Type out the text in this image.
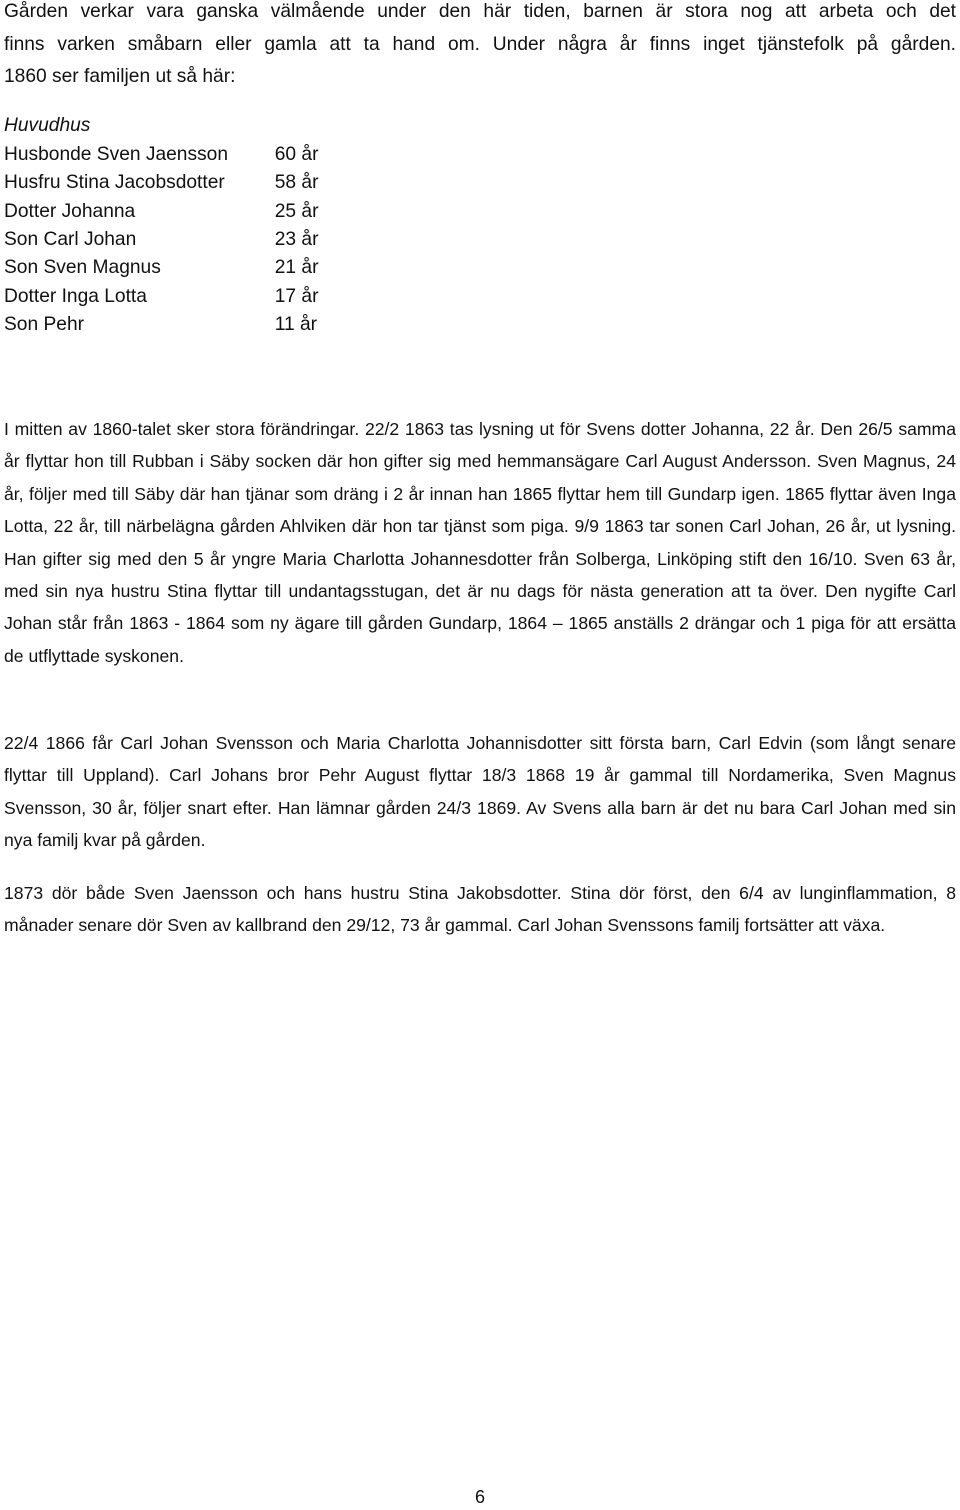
Gården verkar vara ganska välmående under den här tiden, barnen är stora nog att arbeta och det
finns varken småbarn eller gamla att ta hand om. Under några år finns inget tjänstefolk på gården.
1860 ser familjen ut så här:

Huvudhus

Husbonde Sven Jaensson	60 år
Husfru Stina Jacobsdotter	58 år
Dotter Johanna	25 år
Son Carl Johan	23 år
Son Sven Magnus	21 år
Dotter Inga Lotta	17 år
Son Pehr	11 år

I mitten av 1860-talet sker stora förändringar. 22/2 1863 tas lysning ut för Svens dotter Johanna, 22 år. Den 26/5 samma år flyttar hon till Rubban i Säby socken där hon gifter sig med hemmansägare Carl August Andersson. Sven Magnus, 24 år, följer med till Säby där han tjänar som dräng i 2 år innan han 1865 flyttar hem till Gundarp igen. 1865 flyttar även Inga Lotta, 22 år, till närbelägna gården Ahlviken där hon tar tjänst som piga. 9/9 1863 tar sonen Carl Johan, 26 år, ut lysning. Han gifter sig med den 5 år yngre Maria Charlotta Johannesdotter från Solberga, Linköping stift den 16/10. Sven 63 år, med sin nya hustru Stina flyttar till undantagsstugan, det är nu dags för nästa generation att ta över. Den nygifte Carl Johan står från 1863 - 1864 som ny ägare till gården Gundarp, 1864 – 1865 anställs 2 drängar och 1 piga för att ersätta de utflyttade syskonen.

22/4 1866 får Carl Johan Svensson och Maria Charlotta Johannisdotter sitt första barn, Carl Edvin (som långt senare flyttar till Uppland). Carl Johans bror Pehr August flyttar 18/3 1868 19 år gammal till Nordamerika, Sven Magnus Svensson, 30 år, följer snart efter. Han lämnar gården 24/3 1869. Av Svens alla barn är det nu bara Carl Johan med sin nya familj kvar på gården.

1873 dör både Sven Jaensson och hans hustru Stina Jakobsdotter. Stina dör först, den 6/4 av lunginflammation, 8 månader senare dör Sven av kallbrand den 29/12, 73 år gammal. Carl Johan Svenssons familj fortsätter att växa.

6
